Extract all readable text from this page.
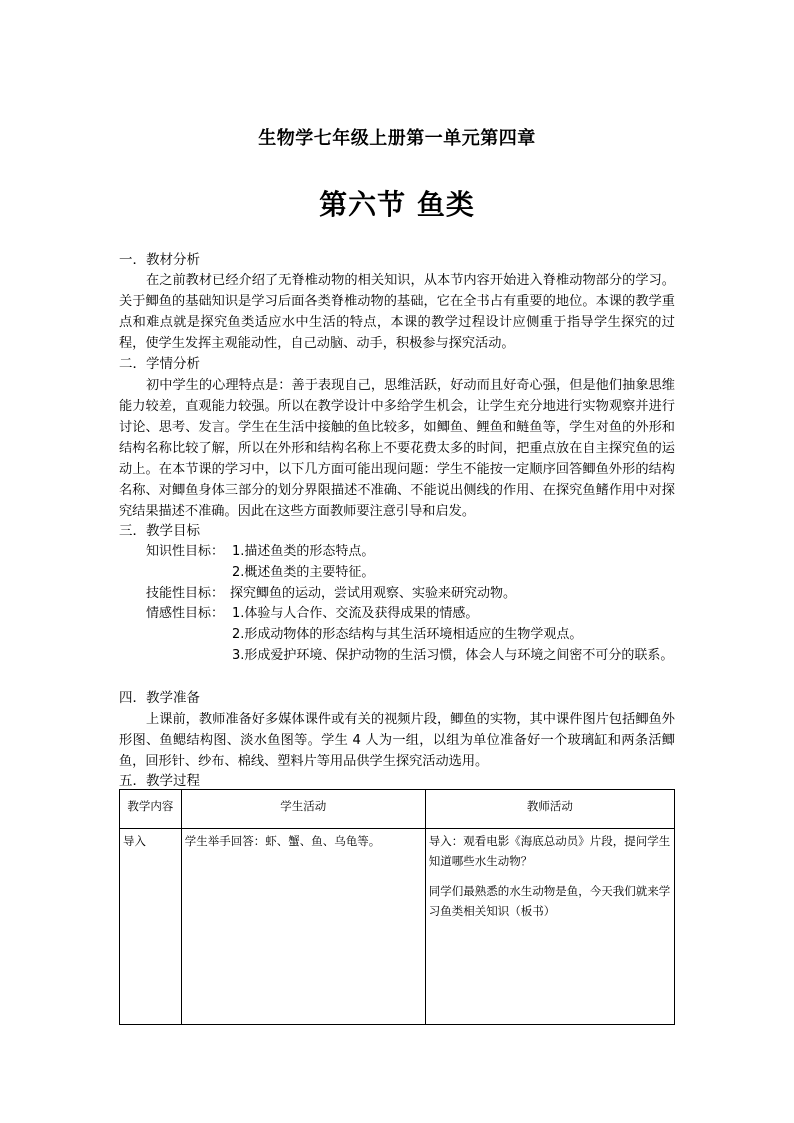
生物学七年级上册第一单元第四章
第六节 鱼类
一．教材分析
在之前教材已经介绍了无脊椎动物的相关知识，从本节内容开始进入脊椎动物部分的学习。关于鲫鱼的基础知识是学习后面各类脊椎动物的基础，它在全书占有重要的地位。本课的教学重点和难点就是探究鱼类适应水中生活的特点，本课的教学过程设计应侧重于指导学生探究的过程，使学生发挥主观能动性，自己动脑、动手，积极参与探究活动。
二．学情分析
初中学生的心理特点是：善于表现自己，思维活跃，好动而且好奇心强，但是他们抽象思维能力较差，直观能力较强。所以在教学设计中多给学生机会，让学生充分地进行实物观察并进行讨论、思考、发言。学生在生活中接触的鱼比较多，如鲫鱼、鲤鱼和鲢鱼等，学生对鱼的外形和结构名称比较了解，所以在外形和结构名称上不要花费太多的时间，把重点放在自主探究鱼的运动上。在本节课的学习中，以下几方面可能出现问题：学生不能按一定顺序回答鲫鱼外形的结构名称、对鲫鱼身体三部分的划分界限描述不准确、不能说出侧线的作用、在探究鱼鳍作用中对探究结果描述不准确。因此在这些方面教师要注意引导和启发。
三．教学目标
知识性目标： 1.描述鱼类的形态特点。
2.概述鱼类的主要特征。
技能性目标： 探究鲫鱼的运动，尝试用观察、实验来研究动物。
情感性目标： 1.体验与人合作、交流及获得成果的情感。
2.形成动物体的形态结构与其生活环境相适应的生物学观点。
3.形成爱护环境、保护动物的生活习惯，体会人与环境之间密不可分的联系。
四．教学准备
上课前，教师准备好多媒体课件或有关的视频片段，鲫鱼的实物，其中课件图片包括鲫鱼外形图、鱼鳃结构图、淡水鱼图等。学生 4 人为一组，以组为单位准备好一个玻璃缸和两条活鲫鱼，回形针、纱布、棉线、塑料片等用品供学生探究活动选用。
五．教学过程
教学内容	学生活动	教师活动
导入	学生举手回答：虾、蟹、鱼、乌龟等。	导入：观看电影《海底总动员》片段，提问学生知道哪些水生动物？

同学们最熟悉的水生动物是鱼，今天我们就来学习鱼类相关知识（板书）
